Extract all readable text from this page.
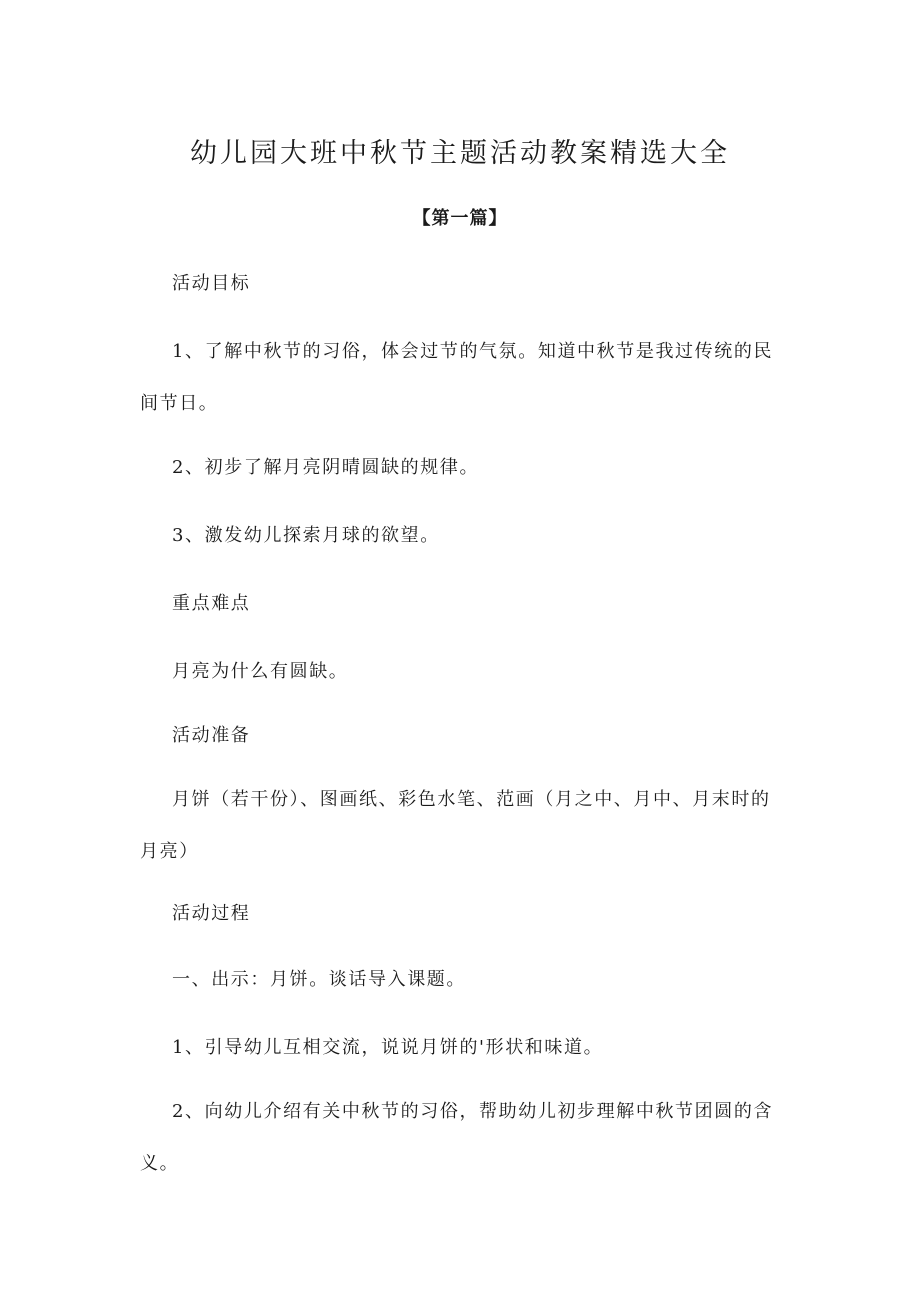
幼儿园大班中秋节主题活动教案精选大全
【第一篇】

活动目标

1、了解中秋节的习俗，体会过节的气氛。知道中秋节是我过传统的民间节日。

2、初步了解月亮阴晴圆缺的规律。

3、激发幼儿探索月球的欲望。

重点难点

月亮为什么有圆缺。

活动准备

月饼（若干份）、图画纸、彩色水笔、范画（月之中、月中、月末时的月亮）

活动过程

一、出示：月饼。谈话导入课题。

1、引导幼儿互相交流，说说月饼的'形状和味道。

2、向幼儿介绍有关中秋节的习俗，帮助幼儿初步理解中秋节团圆的含义。
